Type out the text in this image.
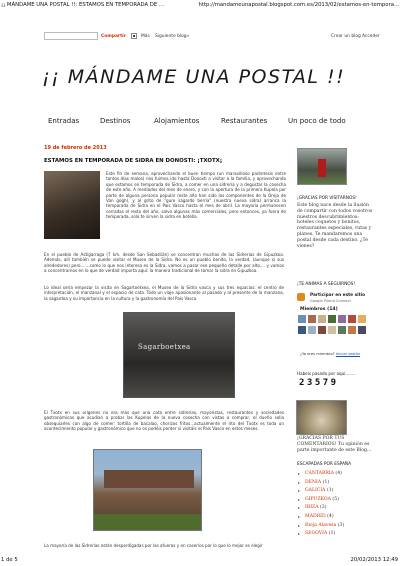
¡¡ MÁNDAME UNA POSTAL !!: ESTAMOS EN TEMPORADA DE ...	http://mandameunapostal.blogspot.com.es/2013/02/estamos-en-tempora...
Compartir	▪	Más Siguiente blog»	Crear un blog Acceder
¡¡ MÁNDAME UNA POSTAL !!
Entradas	Destinos	Alojamientos	Restaurantes	Un poco de todo
19 de febrero de 2013
ESTAMOS EN TEMPORADA DE SIDRA EN DONOSTI: ¡TXOTX¡

Este fin de semana, aprovechando el buen tiempo (un maravilloso paréntesis entre tantos días malos) nos fuimos ido hasta Donosti a visitar a la familia, y aprovechando que estamos en temporada de Sidra, a comer en una sidrería y a degustar la cosecha de este año. A mediados del mes de enero, y con la apertura de la primera Kupela por parte de alguna persona popular (este año han sido los componentes de la Oreja de Van gogh), y al grito de "gure sagardo berria" (nuestra nueva sidra) arranca la temporada de Sidra en el País Vasco hasta el mes de abril. La mayoría permanecen cerradas el resto del año, salvo algunas más comerciales, pero entonces, ya fuera de temporada, solo te sirven la sidra en botella.

En el pueblo de Astigarraga (7 km. desde San Sebastián) se concentran muchas de las Sidrerías de Gipuzkoa. Además, allí también se puede visitar el Museo de la Sidra. No es un pueblo bonito, la verdad, (aunque sí sus alrededores) pero.......como lo que nos interesa es la Sidra, vamos a pasar ese pequeño detalle por alto.... y vamos a concentrarnos en lo que de verdad importa aquí: la manera tradicional de tomar la sidra en Gipuzkoa.

Lo ideal sería empezar la visita en Sagartoetxea, el Museo de la Sidra vasca y sus tres espacios: el centro de interpretación, el manzanal y el espacio de cata. Todo un viaje apasionante al pasado y al presente de la manzana, la sagardoa y su importancia en la cultura y la gastronomía del País Vasco.

Sagarboetxea

El Txotx en sus orígenes no era más que una cata entre sidrerías, mayoristas, restaurantes y sociedades gastronómicas que acudían a probar las Kupelas de la nueva cosecha con vistas a comprar, el dueño solía obsequiarles con algo de comer: tortilla de bacalao, chorizos fritos...actualmente el rito del Txotx es toda un acontecimiento popular y gastronómico que no os podéis perder si visitáis el País Vasco en estos meses.

La mayoría de las Sidrerías están desperdigadas por las afueras y en caseríos por lo que lo mejor es elegir

¡GRACIAS POR VISITARNOS!

Este blog nace desde la ilusión de compartir con todos vosotros nuestros descubrimientos: hoteles coquetos y bonitos, restaurantes especiales, rutas y planes. Te mandaremos una postal desde cada destino. ¿Te vienes?

¡TE ANIMAS A SEGUIRNOS!
Participar en este sitio
Google Friend Connect
Miembros (14)
¿Ya eres miembro? Iniciar sesión
Habeis pasado por aquí........
23579

¡GRACIAS POR TUS COMENTARIOS! Tu opinión es parte importante de este Blog...

ESCAPADAS POR ESPAÑA
▸ CANTABRIA (4)
▸ DENIA (1)
▸ GALICIA (1)
▸ GIPUZKOA (5)
▸ IBIZA (3)
▸ MADRID (4)
▸ Rioja Alavesa (3)
▸ SEGOVIA (1)
1 de 5	20/02/2013 12:49
